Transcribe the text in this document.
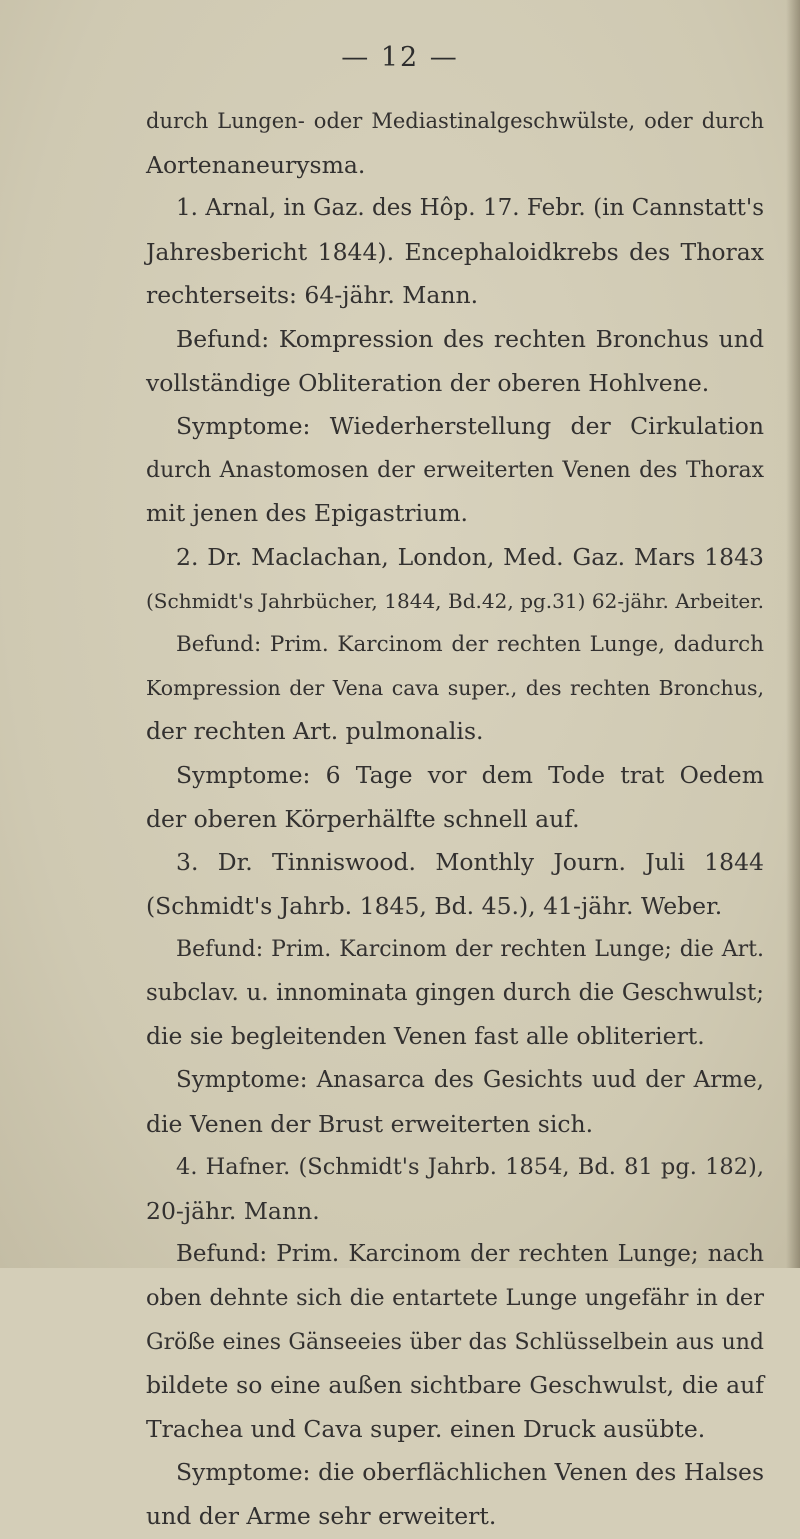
— 12 —
durch Lungen- oder Mediastinalgeschwülste, oder durch
Aortenaneurysma.
1. Arnal, in Gaz. des Hôp. 17. Febr. (in Cannstatt's
Jahresbericht 1844). Encephaloidkrebs des Thorax
rechterseits: 64-jähr. Mann.
Befund: Kompression des rechten Bronchus und
vollständige Obliteration der oberen Hohlvene.
Symptome: Wiederherstellung der Cirkulation
durch Anastomosen der erweiterten Venen des Thorax
mit jenen des Epigastrium.
2. Dr. Maclachan, London, Med. Gaz. Mars 1843
(Schmidt's Jahrbücher, 1844, Bd.42, pg.31) 62-jähr. Arbeiter.
Befund: Prim. Karcinom der rechten Lunge, dadurch
Kompression der Vena cava super., des rechten Bronchus,
der rechten Art. pulmonalis.
Symptome: 6 Tage vor dem Tode trat Oedem
der oberen Körperhälfte schnell auf.
3. Dr. Tinniswood. Monthly Journ. Juli 1844
(Schmidt's Jahrb. 1845, Bd. 45.), 41-jähr. Weber.
Befund: Prim. Karcinom der rechten Lunge; die Art.
subclav. u. innominata gingen durch die Geschwulst;
die sie begleitenden Venen fast alle obliteriert.
Symptome: Anasarca des Gesichts uud der Arme,
die Venen der Brust erweiterten sich.
4. Hafner. (Schmidt's Jahrb. 1854, Bd. 81 pg. 182),
20-jähr. Mann.
Befund: Prim. Karcinom der rechten Lunge; nach
oben dehnte sich die entartete Lunge ungefähr in der
Größe eines Gänseeies über das Schlüsselbein aus und
bildete so eine außen sichtbare Geschwulst, die auf
Trachea und Cava super. einen Druck ausübte.
Symptome: die oberflächlichen Venen des Halses
und der Arme sehr erweitert.
